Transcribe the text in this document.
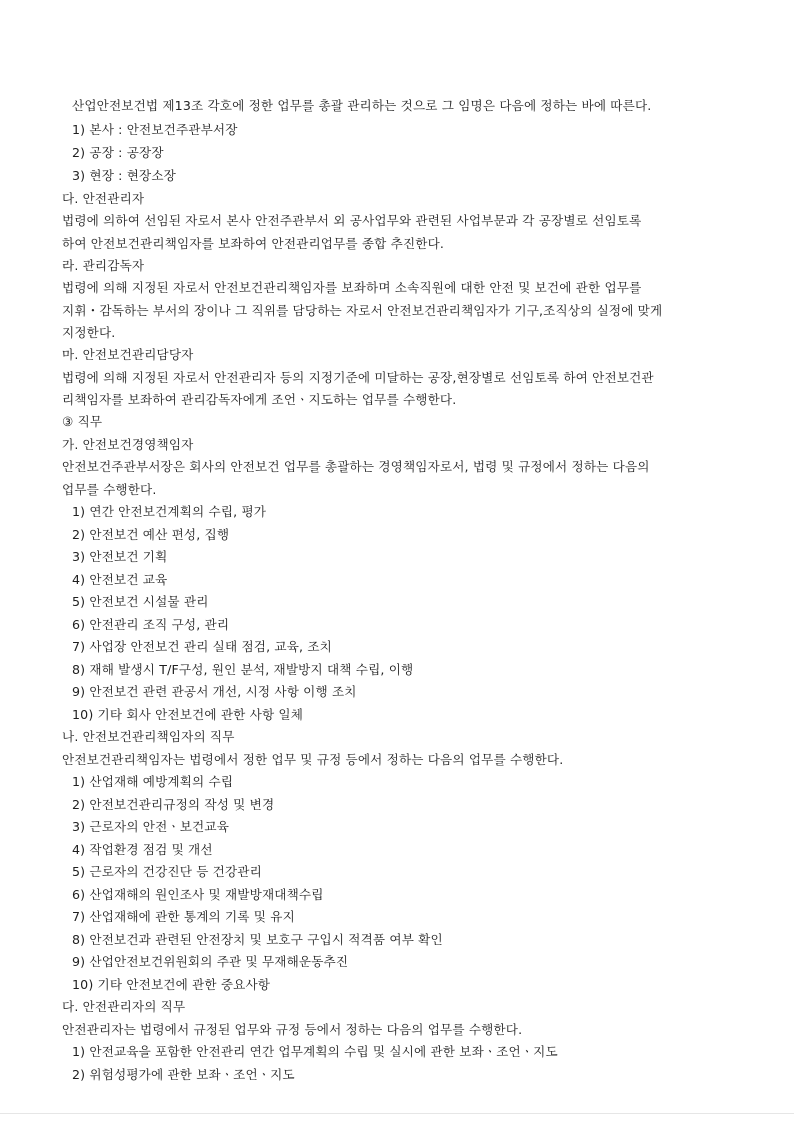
산업안전보건법 제13조 각호에 정한 업무를 총괄 관리하는 것으로 그 임명은 다음에 정하는 바에 따른다.
1) 본사 : 안전보건주관부서장
2) 공장 : 공장장
3) 현장 : 현장소장
다. 안전관리자
법령에 의하여 선임된 자로서 본사 안전주관부서 외 공사업무와 관련된 사업부문과 각 공장별로 선임토록
하여 안전보건관리책임자를 보좌하여 안전관리업무를 종합 추진한다.
라. 관리감독자
법령에 의해 지정된 자로서 안전보건관리책임자를 보좌하며 소속직원에 대한 안전 및 보건에 관한 업무를
지휘・감독하는 부서의 장이나 그 직위를 담당하는 자로서 안전보건관리책임자가 기구,조직상의 실정에 맞게
지정한다.
마. 안전보건관리담당자
법령에 의해 지정된 자로서 안전관리자 등의 지정기준에 미달하는 공장,현장별로 선임토록 하여 안전보건관
리책임자를 보좌하여 관리감독자에게 조언ㆍ지도하는 업무를 수행한다.
③ 직무
가. 안전보건경영책임자
안전보건주관부서장은 회사의 안전보건 업무를 총괄하는 경영책임자로서, 법령 및 규정에서 정하는 다음의
업무를 수행한다.
1) 연간 안전보건계획의 수립, 평가
2) 안전보건 예산 편성, 집행
3) 안전보건 기획
4) 안전보건 교육
5) 안전보건 시설물 관리
6) 안전관리 조직 구성, 관리
7) 사업장 안전보건 관리 실태 점검, 교육, 조치
8) 재해 발생시 T/F구성, 원인 분석, 재발방지 대책 수립, 이행
9) 안전보건 관련 관공서 개선, 시정 사항 이행 조치
10) 기타 회사 안전보건에 관한 사항 일체
나. 안전보건관리책임자의 직무
안전보건관리책임자는 법령에서 정한 업무 및 규정 등에서 정하는 다음의 업무를 수행한다.
1) 산업재해 예방계획의 수립
2) 안전보건관리규정의 작성 및 변경
3) 근로자의 안전ㆍ보건교육
4) 작업환경 점검 및 개선
5) 근로자의 건강진단 등 건강관리
6) 산업재해의 원인조사 및 재발방재대책수립
7) 산업재해에 관한 통계의 기록 및 유지
8) 안전보건과 관련된 안전장치 및 보호구 구입시 적격품 여부 확인
9) 산업안전보건위원회의 주관 및 무재해운동추진
10) 기타 안전보건에 관한 중요사항
다. 안전관리자의 직무
안전관리자는 법령에서 규정된 업무와 규정 등에서 정하는 다음의 업무를 수행한다.
1) 안전교육을 포함한 안전관리 연간 업무계획의 수립 및 실시에 관한 보좌ㆍ조언ㆍ지도
2) 위험성평가에 관한 보좌ㆍ조언ㆍ지도
